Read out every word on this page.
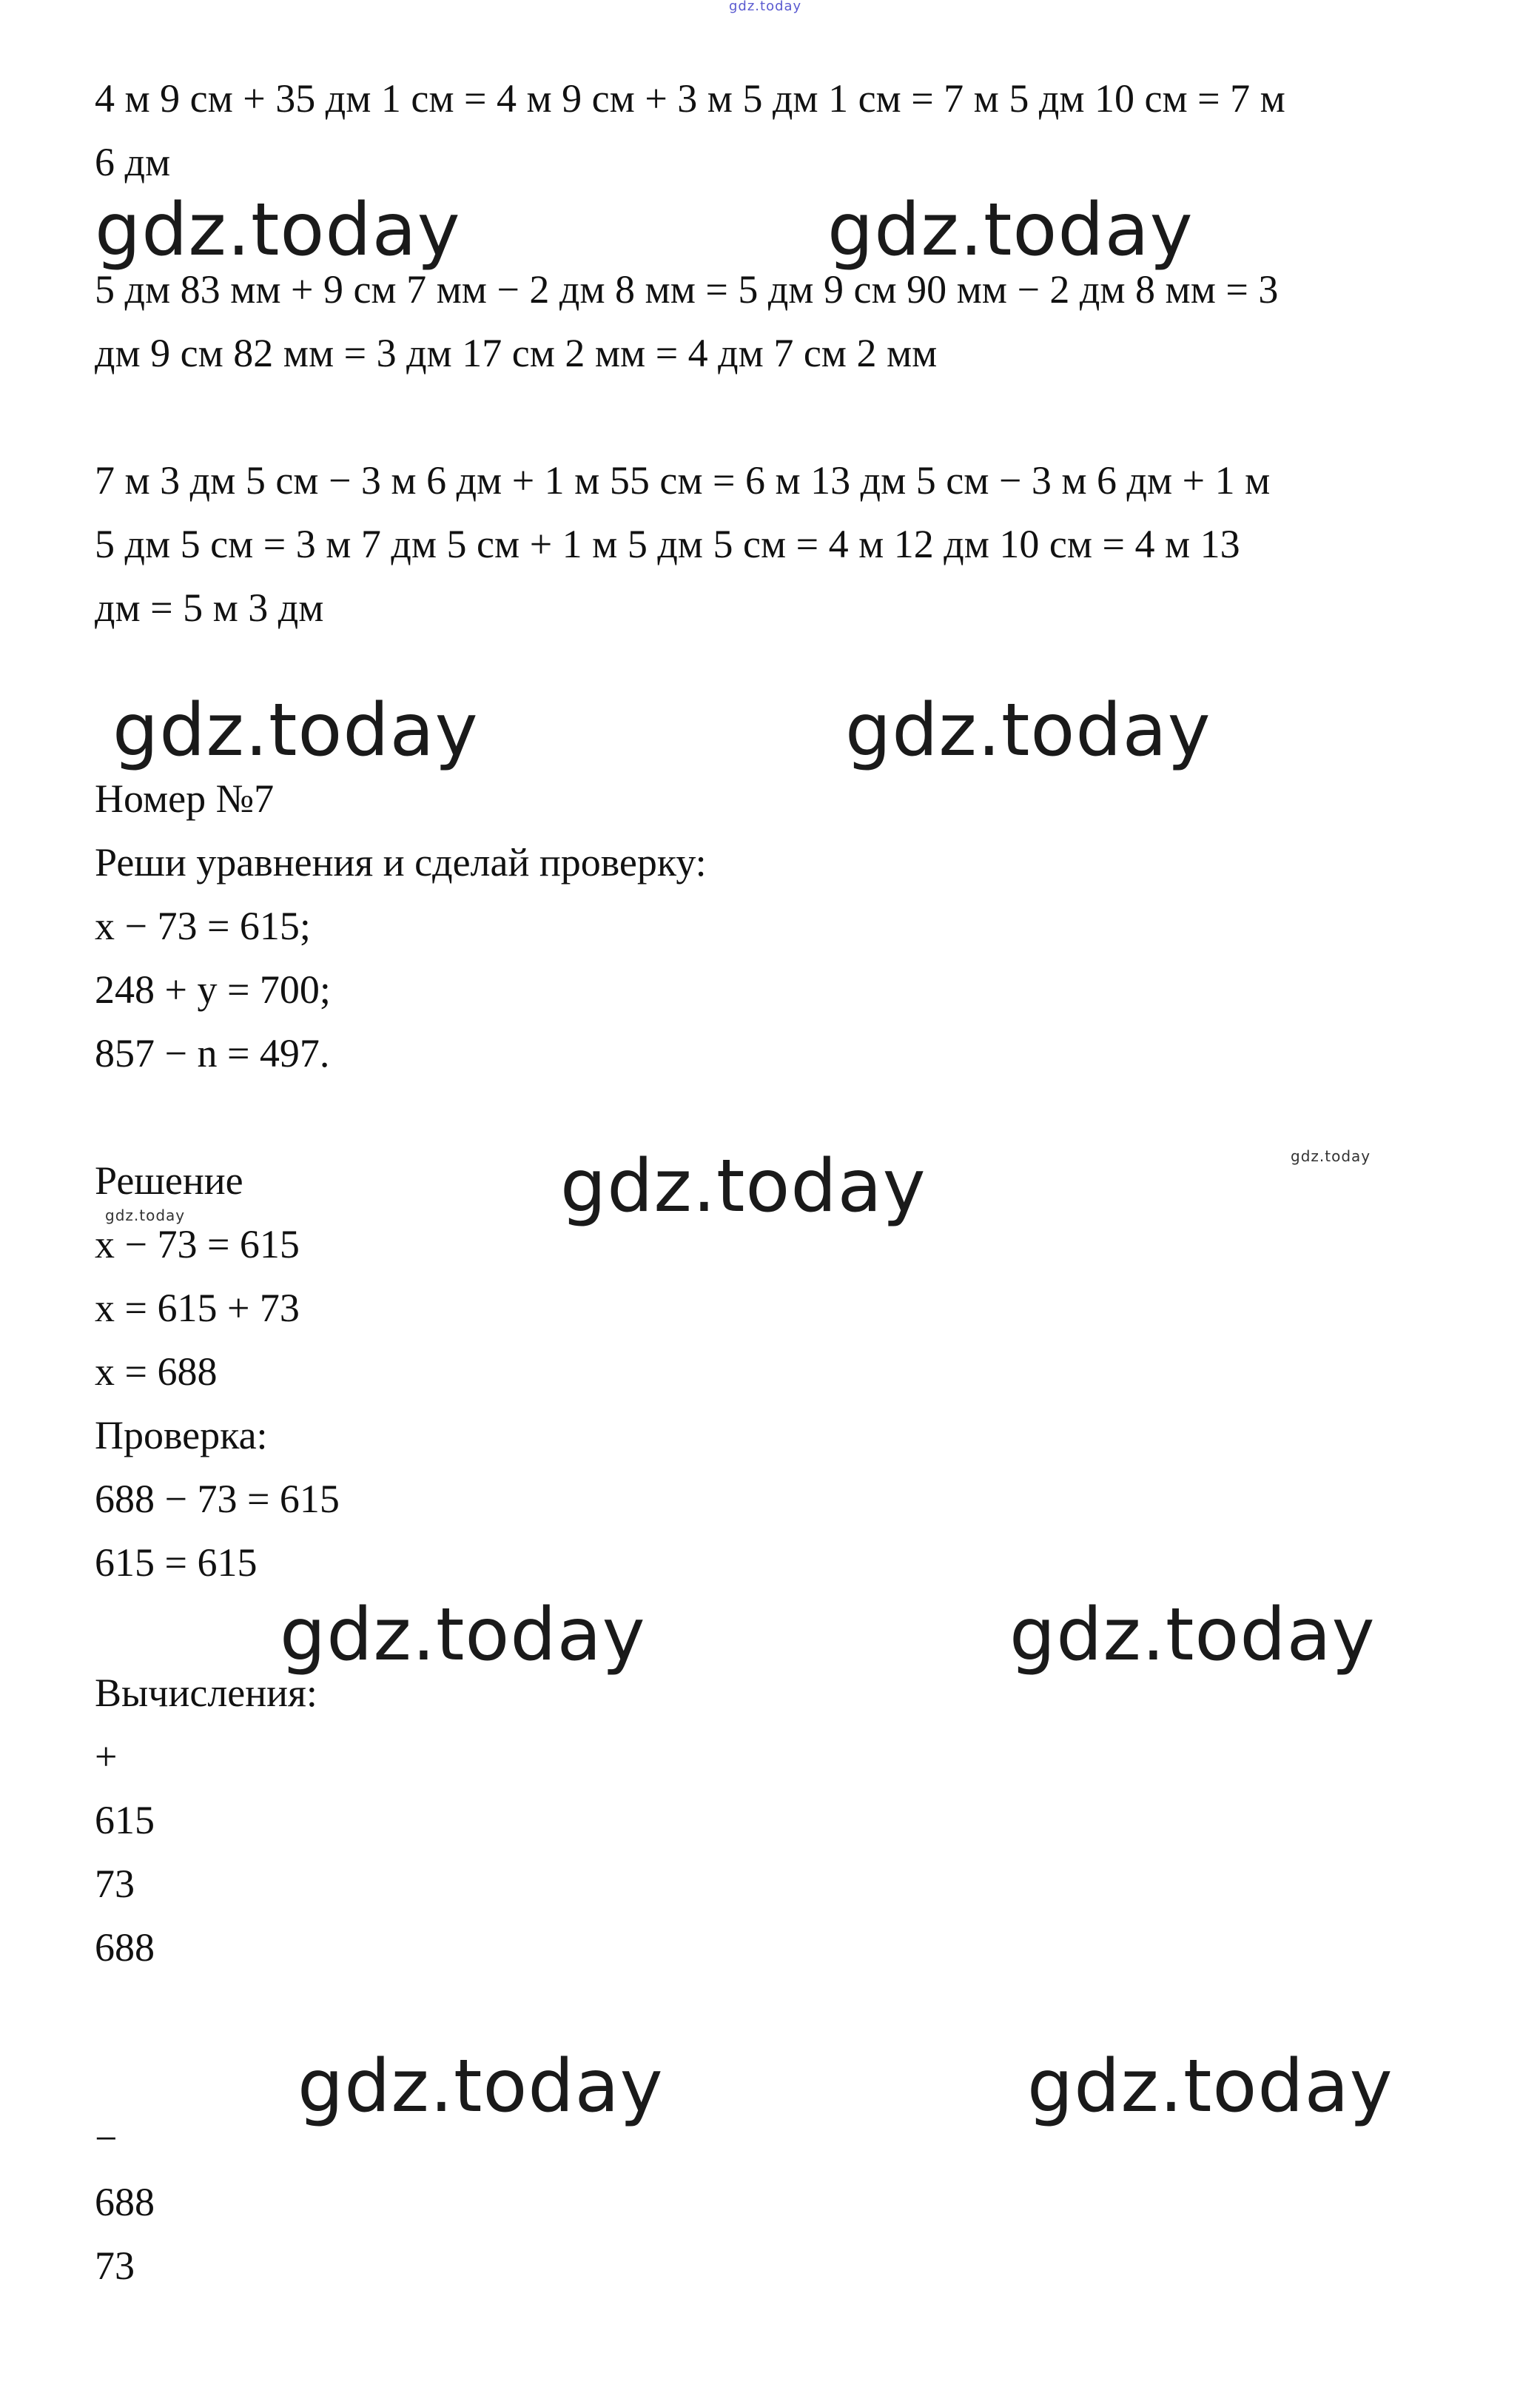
gdz.today
4 м 9 см + 35 дм 1 см = 4 м 9 см + 3 м 5 дм 1 см = 7 м 5 дм 10 см = 7 м
6 дм
gdz.today	gdz.today
5 дм 83 мм + 9 см 7 мм − 2 дм 8 мм = 5 дм 9 см 90 мм − 2 дм 8 мм = 3
дм 9 см 82 мм = 3 дм 17 см 2 мм = 4 дм 7 см 2 мм
7 м 3 дм 5 см − 3 м 6 дм + 1 м 55 см = 6 м 13 дм 5 см − 3 м 6 дм + 1 м
5 дм 5 см = 3 м 7 дм 5 см + 1 м 5 дм 5 см = 4 м 12 дм 10 см = 4 м 13
дм = 5 м 3 дм
gdz.today	gdz.today
Номер №7
Реши уравнения и сделай проверку:
x − 73 = 615;
248 + y = 700;
857 − n = 497.
Решение	gdz.today	gdz.today
gdz.today
x − 73 = 615
x = 615 + 73
x = 688
Проверка:
688 − 73 = 615
615 = 615
gdz.today	gdz.today
Вычисления:
+
615
73
688
gdz.today	gdz.today
−
688
73
